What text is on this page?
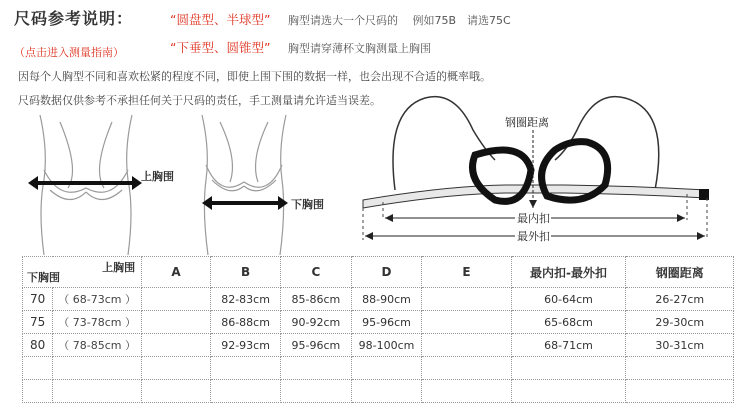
尺码参考说明：
（点击进入测量指南）
“圆盘型、半球型” 胸型请选大一个尺码的　 例如75B　请选75C
“下垂型、圆锥型” 胸型请穿薄杯文胸测量上胸围
因每个人胸型不同和喜欢松紧的程度不同，即使上围下围的数据一样，也会出现不合适的概率哦。
尺码数据仅供参考不承担任何关于尺码的责任，手工测量请允许适当误差。
上胸围
下胸围
钢圈距离
最内扣
最外扣
上胸围
下胸围		A	B	C	D	E	最内扣-最外扣	钢圈距离
70	（ 68-73cm ）		82-83cm	85-86cm	88-90cm		60-64cm	26-27cm
75	（ 73-78cm ）		86-88cm	90-92cm	95-96cm		65-68cm	29-30cm
80	（ 78-85cm ）		92-93cm	95-96cm	98-100cm		68-71cm	30-31cm
